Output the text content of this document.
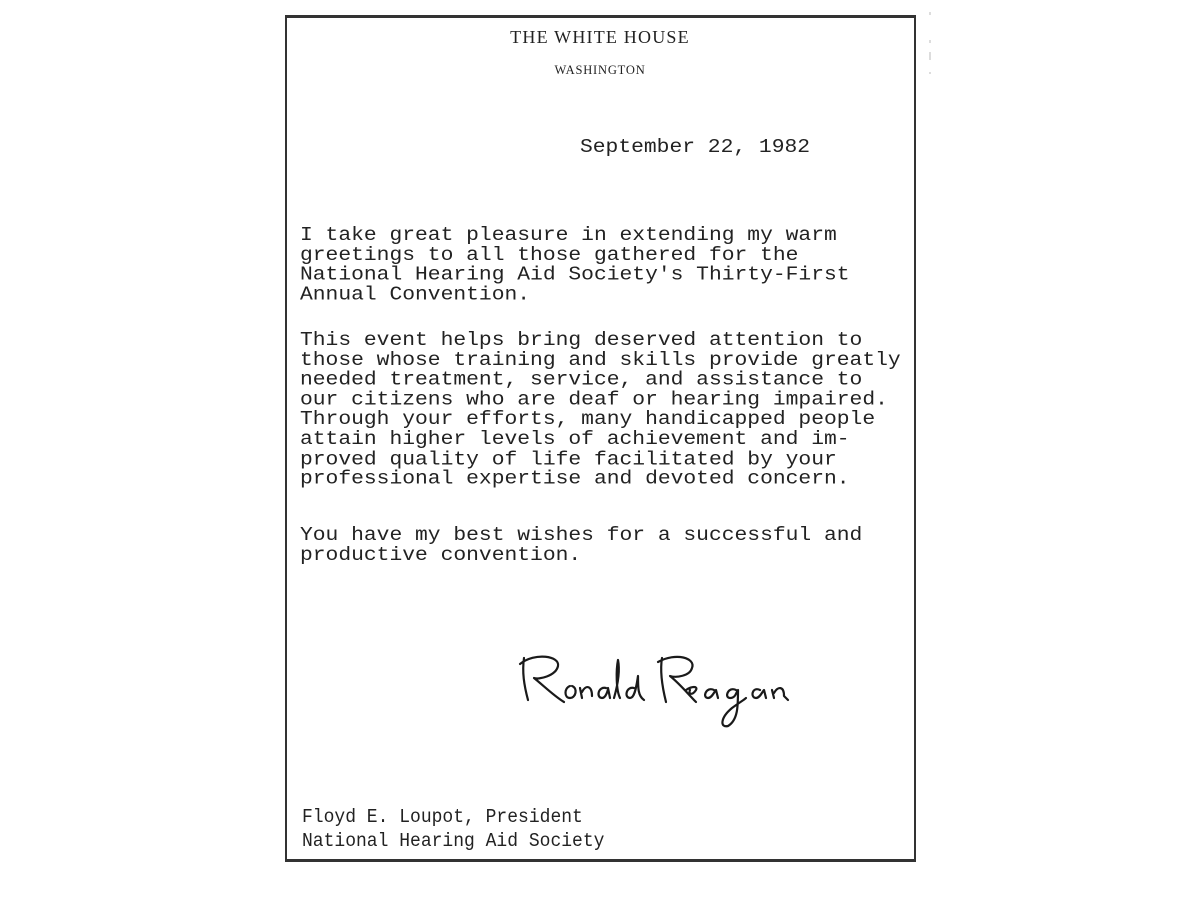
THE WHITE HOUSE
WASHINGTON
September 22, 1982
I take great pleasure in extending my warm
greetings to all those gathered for the
National Hearing Aid Society's Thirty-First
Annual Convention.
This event helps bring deserved attention to
those whose training and skills provide greatly
needed treatment, service, and assistance to
our citizens who are deaf or hearing impaired.
Through your efforts, many handicapped people
attain higher levels of achievement and im-
proved quality of life facilitated by your
professional expertise and devoted concern.
You have my best wishes for a successful and
productive convention.
Floyd E. Loupot, President
National Hearing Aid Society
